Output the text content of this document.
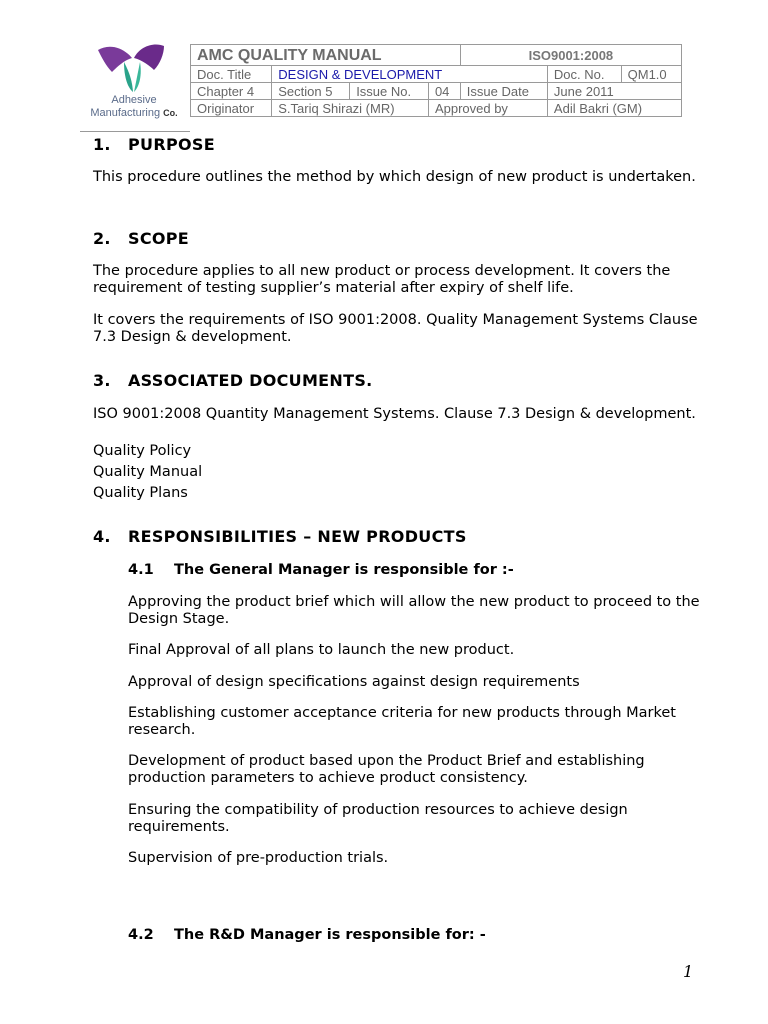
Adhesive
Manufacturing Co.
AMC QUALITY MANUAL				ISO9001:2008		
Doc. Title	DESIGN & DEVELOPMENT				Doc. No.	QM1.0
Chapter 4	Section 5	Issue No.	04	Issue Date	June 2011	
Originator	S.Tariq Shirazi (MR)		Approved by		Adil Bakri (GM)	
1. PURPOSE

This procedure outlines the method by which design of new product is undertaken.

2. SCOPE

The procedure applies to all new product or process development. It covers the requirement of testing supplier’s material after expiry of shelf life.

It covers the requirements of ISO 9001:2008. Quality Management Systems Clause 7.3 Design & development.

3. ASSOCIATED DOCUMENTS.

ISO 9001:2008 Quantity Management Systems. Clause 7.3 Design & development.

Quality Policy

Quality Manual

Quality Plans

4. RESPONSIBILITIES – NEW PRODUCTS

4.1 The General Manager is responsible for :-

Approving the product brief which will allow the new product to proceed to the Design Stage.

Final Approval of all plans to launch the new product.

Approval of design specifications against design requirements

Establishing customer acceptance criteria for new products through Market research.

Development of product based upon the Product Brief and establishing production parameters to achieve product consistency.

Ensuring the compatibility of production resources to achieve design requirements.

Supervision of pre-production trials.

4.2 The R&D Manager is responsible for: -

1
